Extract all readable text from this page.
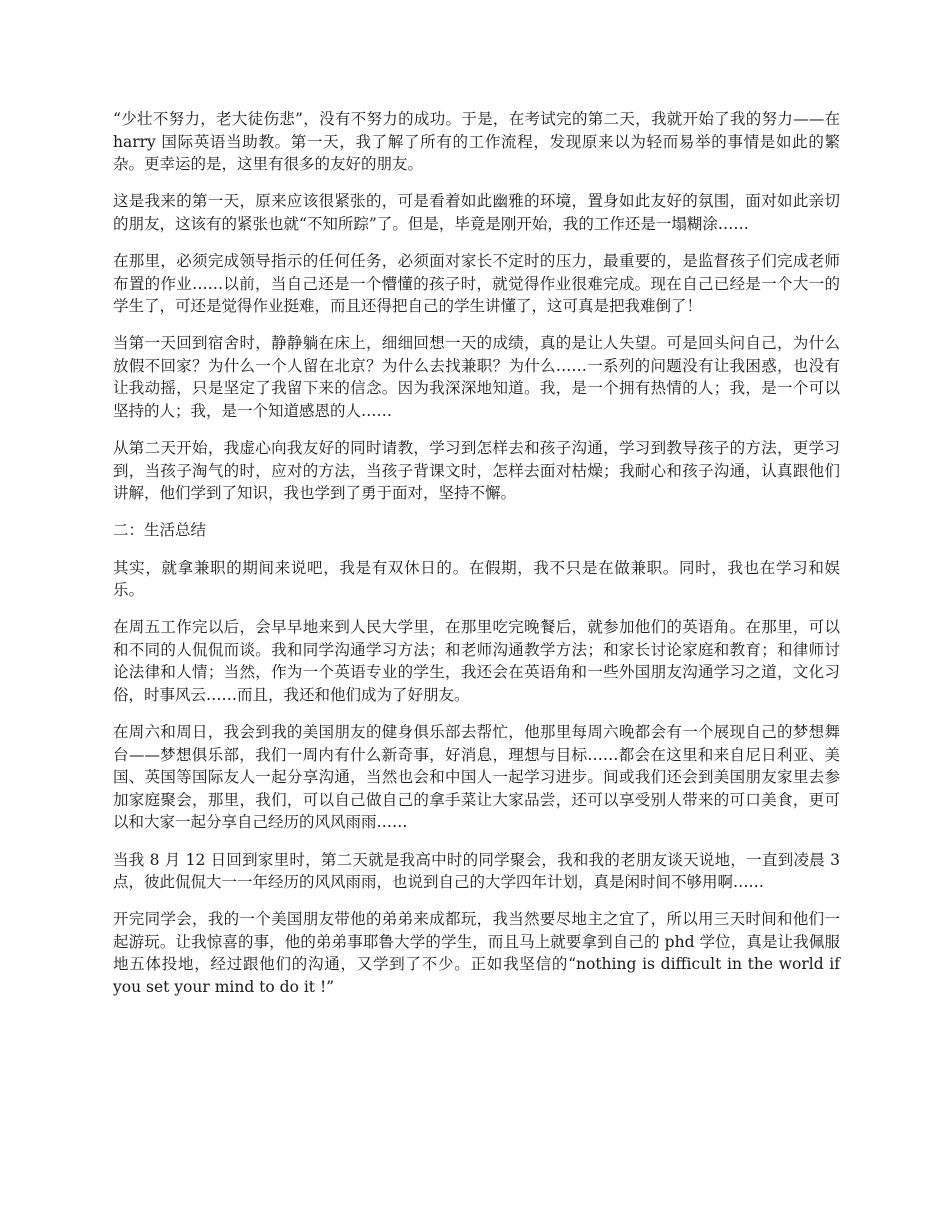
“少壮不努力，老大徒伤悲”，没有不努力的成功。于是，在考试完的第二天，我就开始了我的努力——在 harry 国际英语当助教。第一天，我了解了所有的工作流程，发现原来以为轻而易举的事情是如此的繁杂。更幸运的是，这里有很多的友好的朋友。

这是我来的第一天，原来应该很紧张的，可是看着如此幽雅的环境，置身如此友好的氛围，面对如此亲切的朋友，这该有的紧张也就“不知所踪”了。但是，毕竟是刚开始，我的工作还是一塌糊涂……

在那里，必须完成领导指示的任何任务，必须面对家长不定时的压力，最重要的，是监督孩子们完成老师布置的作业……以前，当自己还是一个懵懂的孩子时，就觉得作业很难完成。现在自己已经是一个大一的学生了，可还是觉得作业挺难，而且还得把自己的学生讲懂了，这可真是把我难倒了！

当第一天回到宿舍时，静静躺在床上，细细回想一天的成绩，真的是让人失望。可是回头问自己，为什么放假不回家？为什么一个人留在北京？为什么去找兼职？为什么……一系列的问题没有让我困惑，也没有让我动摇，只是坚定了我留下来的信念。因为我深深地知道。我，是一个拥有热情的人；我，是一个可以坚持的人；我，是一个知道感恩的人……

从第二天开始，我虚心向我友好的同时请教，学习到怎样去和孩子沟通，学习到教导孩子的方法，更学习到，当孩子淘气的时，应对的方法，当孩子背课文时，怎样去面对枯燥；我耐心和孩子沟通，认真跟他们讲解，他们学到了知识，我也学到了勇于面对，坚持不懈。

二：生活总结

其实，就拿兼职的期间来说吧，我是有双休日的。在假期，我不只是在做兼职。同时，我也在学习和娱乐。

在周五工作完以后，会早早地来到人民大学里，在那里吃完晚餐后，就参加他们的英语角。在那里，可以和不同的人侃侃而谈。我和同学沟通学习方法；和老师沟通教学方法；和家长讨论家庭和教育；和律师讨论法律和人情；当然，作为一个英语专业的学生，我还会在英语角和一些外国朋友沟通学习之道，文化习俗，时事风云……而且，我还和他们成为了好朋友。

在周六和周日，我会到我的美国朋友的健身俱乐部去帮忙，他那里每周六晚都会有一个展现自己的梦想舞台——梦想俱乐部，我们一周内有什么新奇事，好消息，理想与目标……都会在这里和来自尼日利亚、美国、英国等国际友人一起分享沟通，当然也会和中国人一起学习进步。间或我们还会到美国朋友家里去参加家庭聚会，那里，我们，可以自己做自己的拿手菜让大家品尝，还可以享受别人带来的可口美食，更可以和大家一起分享自己经历的风风雨雨……

当我 8 月 12 日回到家里时，第二天就是我高中时的同学聚会，我和我的老朋友谈天说地，一直到凌晨 3 点，彼此侃侃大一一年经历的风风雨雨，也说到自己的大学四年计划，真是闲时间不够用啊……

开完同学会，我的一个美国朋友带他的弟弟来成都玩，我当然要尽地主之宜了，所以用三天时间和他们一起游玩。让我惊喜的事，他的弟弟事耶鲁大学的学生，而且马上就要拿到自己的 phd 学位，真是让我佩服地五体投地，经过跟他们的沟通，又学到了不少。正如我坚信的“nothing is difficult in the world if you set your mind to do it !”
